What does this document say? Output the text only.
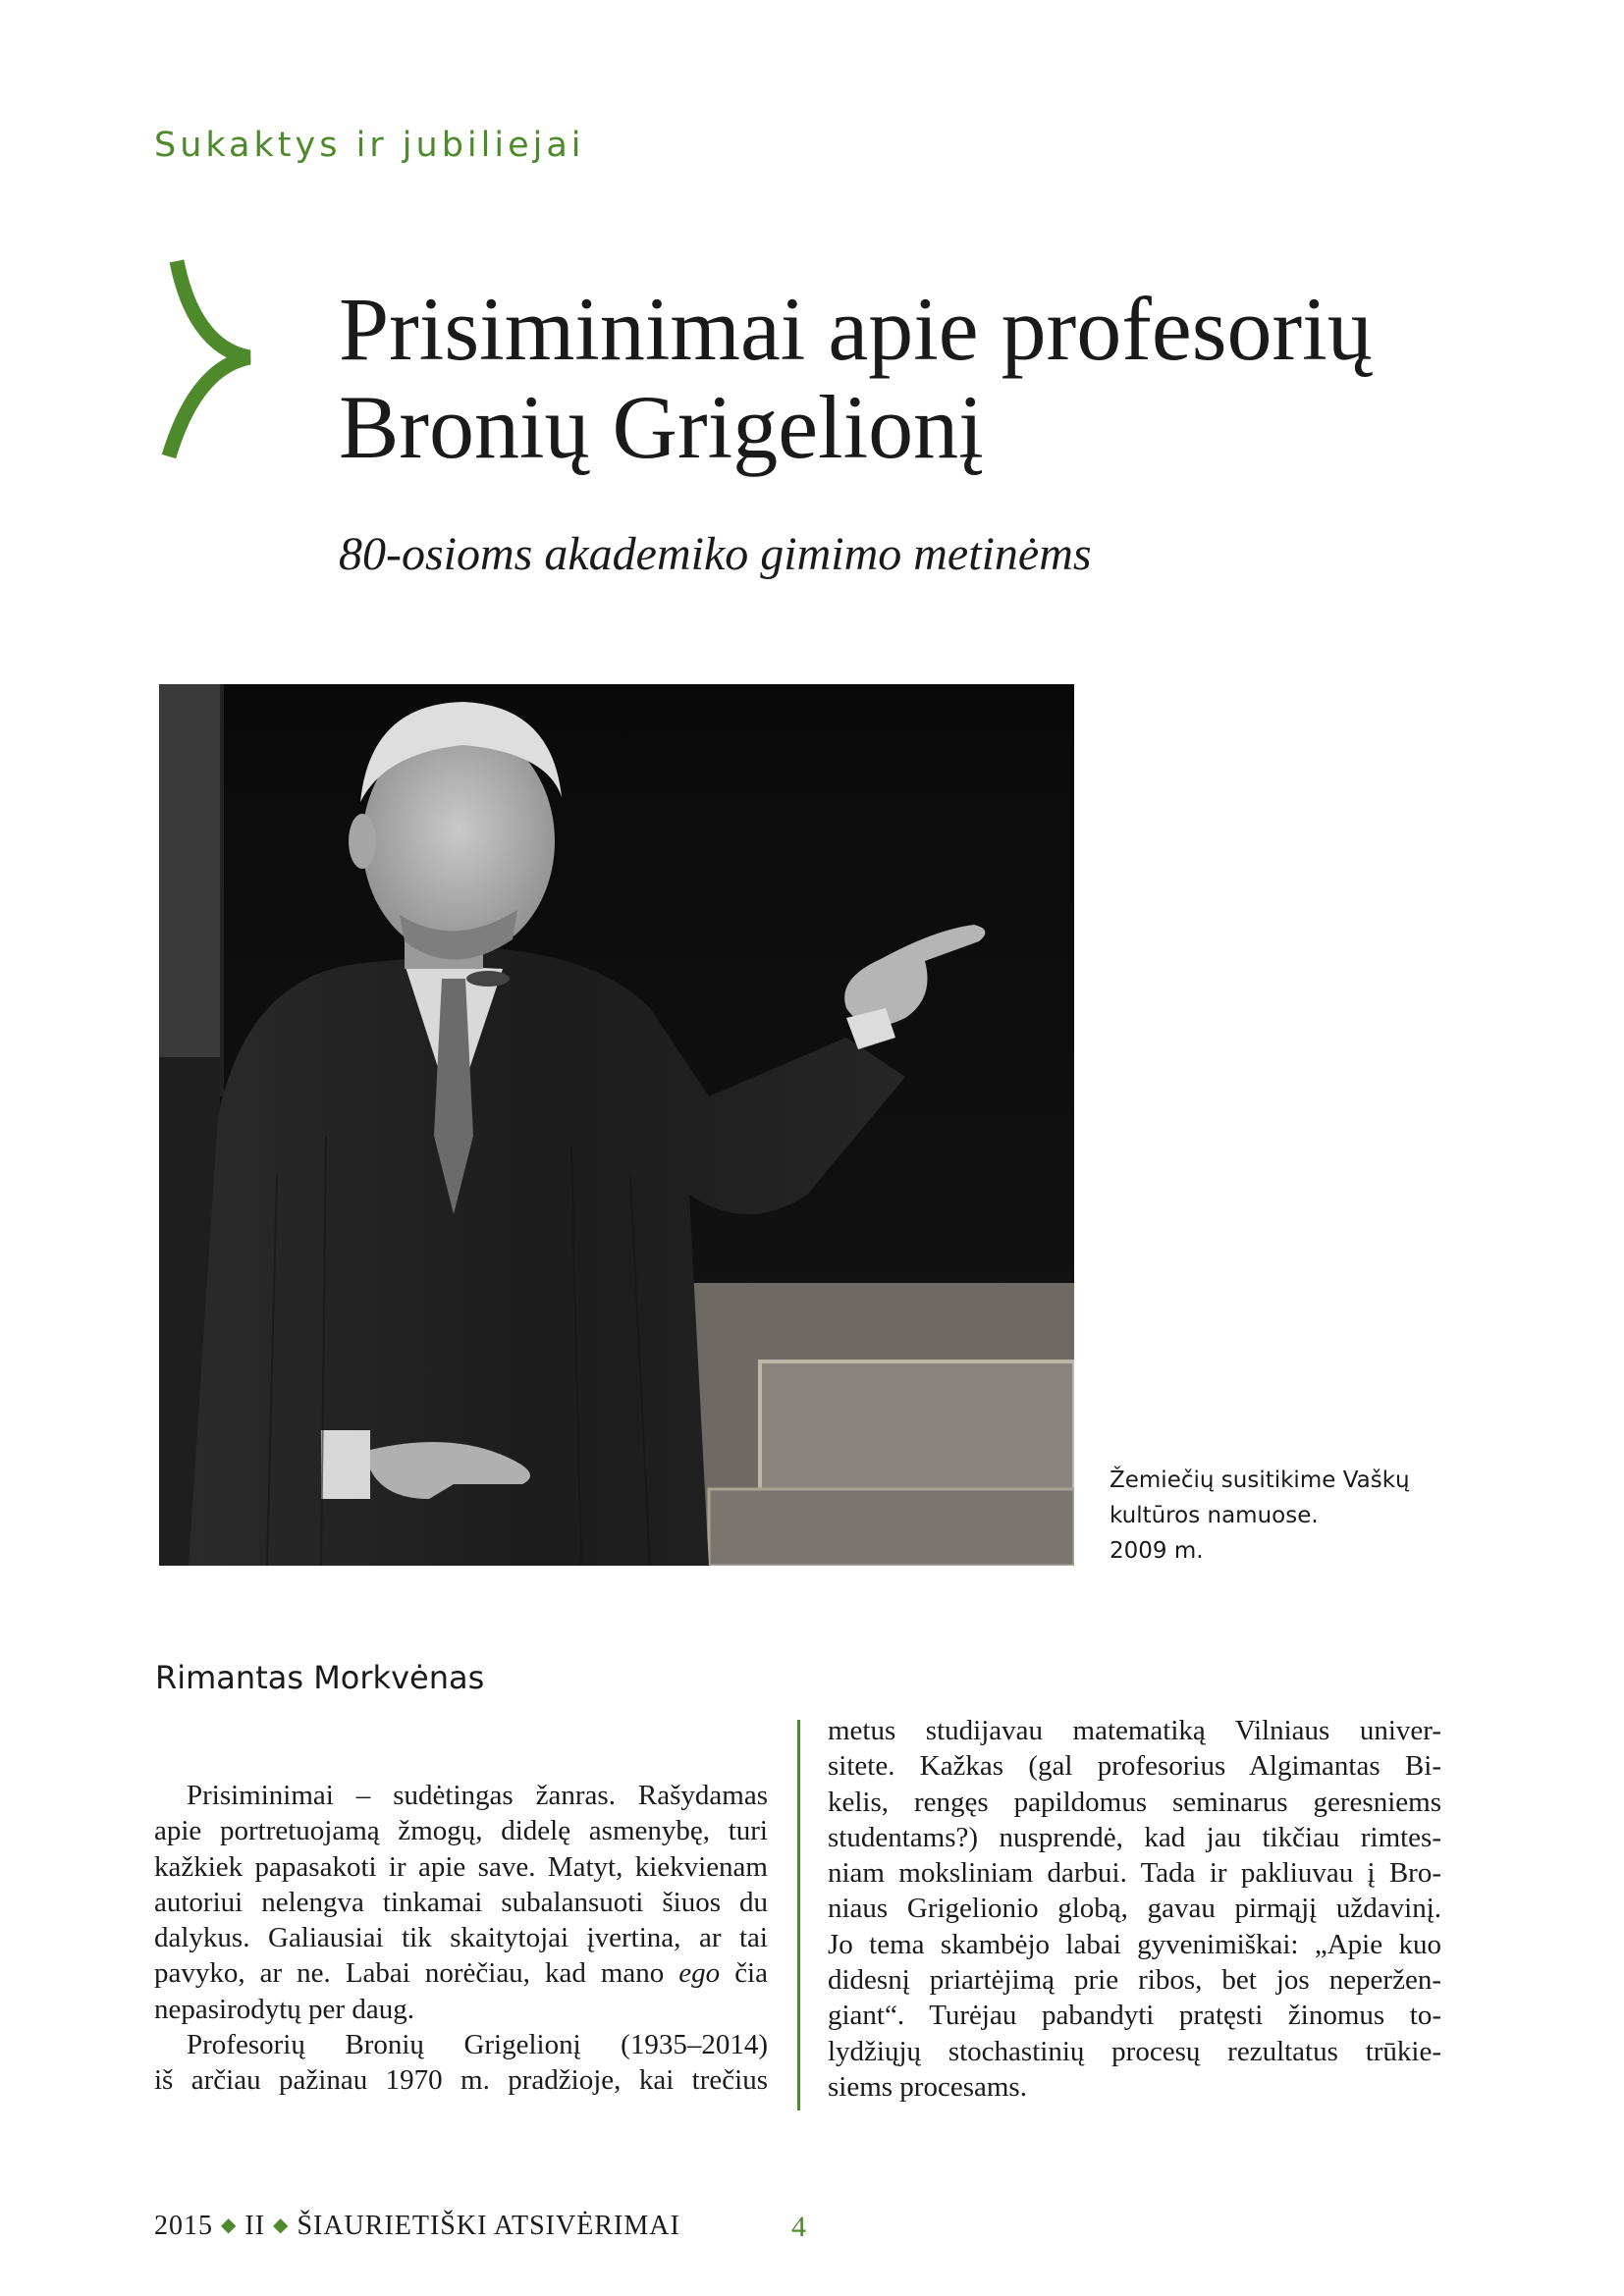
Sukaktys ir jubiliejai
Prisiminimai apie profesorių
Bronių Grigelionį
80-osioms akademiko gimimo metinėms
Žemiečių susitikime Vaškų
kultūros namuose.
2009 m.
Rimantas Morkvėnas
Prisiminimai – sudėtingas žanras. Rašydamas
apie portretuojamą žmogų, didelę asmenybę, turi
kažkiek papasakoti ir apie save. Matyt, kiekvienam
autoriui nelengva tinkamai subalansuoti šiuos du
dalykus. Galiausiai tik skaitytojai įvertina, ar tai
pavyko, ar ne. Labai norėčiau, kad mano ego čia
nepasirodytų per daug.
Profesorių Bronių Grigelionį (1935–2014)
iš arčiau pažinau 1970 m. pradžioje, kai trečius
metus studijavau matematiką Vilniaus univer-
sitete. Kažkas (gal profesorius Algimantas Bi-
kelis, rengęs papildomus seminarus geresniems
studentams?) nusprendė, kad jau tikčiau rimtes-
niam moksliniam darbui. Tada ir pakliuvau į Bro-
niaus Grigelionio globą, gavau pirmąjį uždavinį.
Jo tema skambėjo labai gyvenimiškai: „Apie kuo
didesnį priartėjimą prie ribos, bet jos neperžen-
giant“. Turėjau pabandyti pratęsti žinomus to-
lydžiųjų stochastinių procesų rezultatus trūkie-
siems procesams.
2015 ◆ II ◆ ŠIAURIETIŠKI ATSIVĖRIMAI	4
